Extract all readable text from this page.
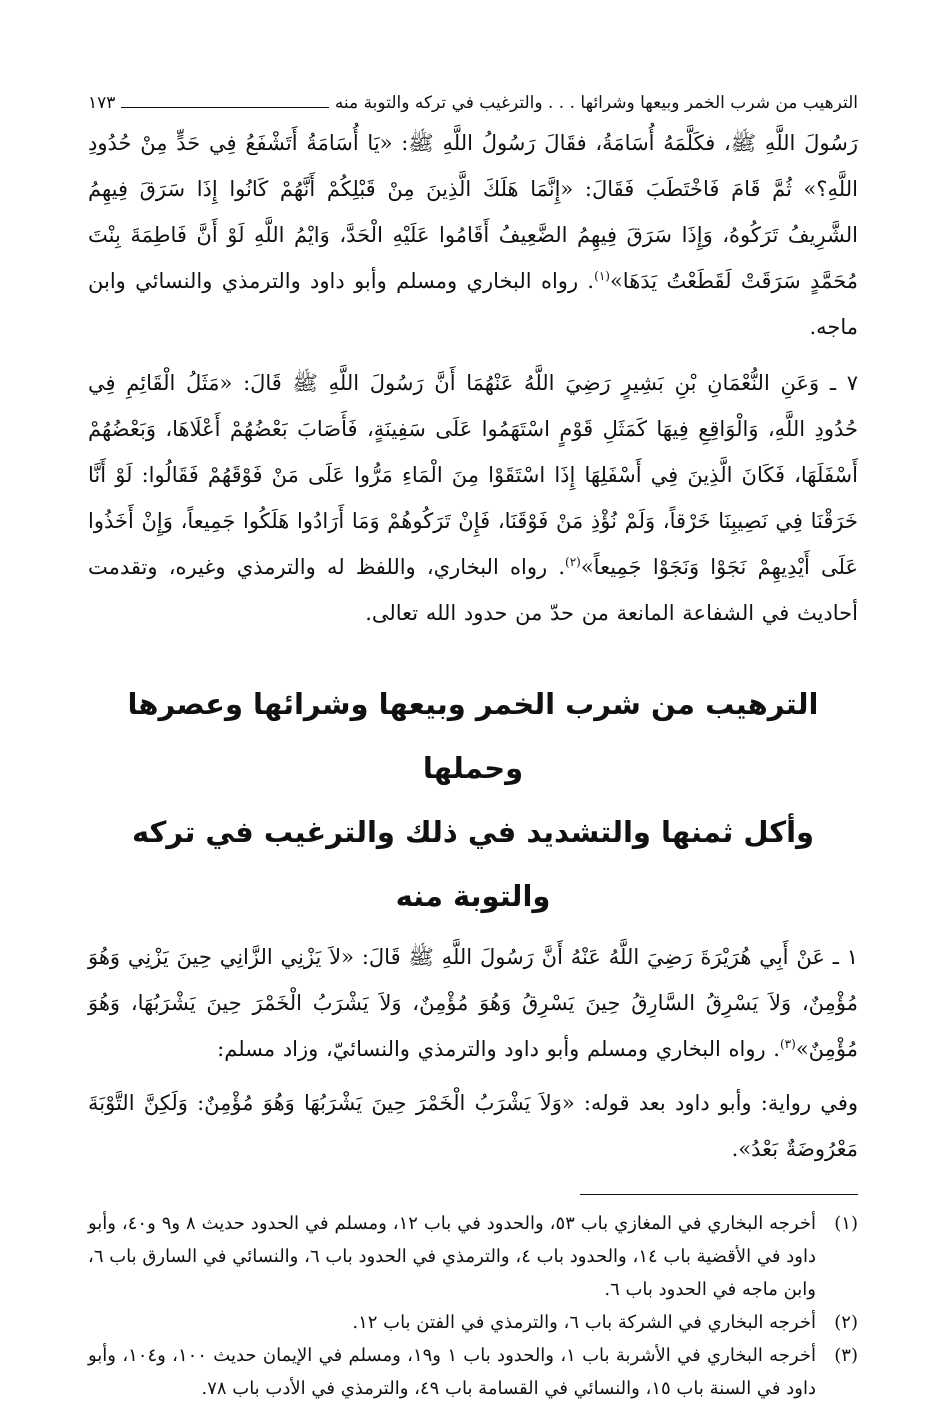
الترهيب من شرب الخمر وبيعها وشرائها . . . والترغيب في تركه والتوبة منه
١٧٣

رَسُولَ اللَّهِ ﷺ، فكَلَّمَهُ أُسَامَةُ، فقَالَ رَسُولُ اللَّهِ ﷺ: «يَا أُسَامَةُ أَتَشْفَعُ فِي حَدٍّ مِنْ حُدُودِ اللَّهِ؟» ثُمَّ قَامَ فَاخْتَطَبَ فَقَالَ: «إِنَّمَا هَلَكَ الَّذِينَ مِنْ قَبْلِكُمْ أَنَّهُمْ كَانُوا إِذَا سَرَقَ فِيهِمُ الشَّرِيفُ تَرَكُوهُ، وَإِذَا سَرَقَ فِيهِمُ الضَّعِيفُ أَقَامُوا عَلَيْهِ الْحَدَّ، وَايْمُ اللَّهِ لَوْ أَنَّ فَاطِمَةَ بِنْتَ مُحَمَّدٍ سَرَقَتْ لَقَطَعْتُ يَدَهَا»$^{(١)}$. رواه البخاري ومسلم وأبو داود والترمذي والنسائي وابن ماجه.

٧ ـ وَعَنِ النُّعْمَانِ بْنِ بَشِيرٍ رَضِيَ اللَّهُ عَنْهُمَا أَنَّ رَسُولَ اللَّهِ ﷺ قَالَ: «مَثَلُ الْقَائِمِ فِي حُدُودِ اللَّهِ، وَالْوَاقِعِ فِيهَا كَمَثَلِ قَوْمٍ اسْتَهَمُوا عَلَى سَفِينَةٍ، فَأَصَابَ بَعْضُهُمْ أَعْلَاهَا، وَبَعْضُهُمْ أَسْفَلَهَا، فَكَانَ الَّذِينَ فِي أَسْفَلِهَا إِذَا اسْتَقَوْا مِنَ الْمَاءِ مَرُّوا عَلَى مَنْ فَوْقَهُمْ فَقَالُوا: لَوْ أَنَّا خَرَقْنَا فِي نَصِيبِنَا خَرْقاً، وَلَمْ نُؤْذِ مَنْ فَوْقَنَا، فَإِنْ تَرَكُوهُمْ وَمَا أَرَادُوا هَلَكُوا جَمِيعاً، وَإِنْ أَخَذُوا عَلَى أَيْدِيهِمْ نَجَوْا وَنَجَوْا جَمِيعاً»$^{(٢)}$. رواه البخاري، واللفظ له والترمذي وغيره، وتقدمت أحاديث في الشفاعة المانعة من حدّ من حدود الله تعالى.

الترهيب من شرب الخمر وبيعها وشرائها وعصرها وحملها
وأكل ثمنها والتشديد في ذلك والترغيب في تركه والتوبة منه

١ ـ عَنْ أَبِي هُرَيْرَةَ رَضِيَ اللَّهُ عَنْهُ أَنَّ رَسُولَ اللَّهِ ﷺ قَالَ: «لاَ يَزْنِي الزَّانِي حِينَ يَزْنِي وَهُوَ مُؤْمِنٌ، وَلاَ يَسْرِقُ السَّارِقُ حِينَ يَسْرِقُ وَهُوَ مُؤْمِنٌ، وَلاَ يَشْرَبُ الْخَمْرَ حِينَ يَشْرَبُهَا، وَهُوَ مُؤْمِنٌ»$^{(٣)}$. رواه البخاري ومسلم وأبو داود والترمذي والنسائيّ، وزاد مسلم:

وفي رواية: وأبو داود بعد قوله: «وَلاَ يَشْرَبُ الْخَمْرَ حِينَ يَشْرَبُهَا وَهُوَ مُؤْمِنٌ: وَلَكِنَّ التَّوْبَةَ مَعْرُوضَةٌ بَعْدُ».

(١)
أخرجه البخاري في المغازي باب ٥٣، والحدود في باب ١٢، ومسلم في الحدود حديث ٨ و٩ و٤٠، وأبو داود في الأقضية باب ١٤، والحدود باب ٤، والترمذي في الحدود باب ٦، والنسائي في السارق باب ٦، وابن ماجه في الحدود باب ٦.

(٢)
أخرجه البخاري في الشركة باب ٦، والترمذي في الفتن باب ١٢.

(٣)
أخرجه البخاري في الأشربة باب ١، والحدود باب ١ و١٩، ومسلم في الإيمان حديث ١٠٠، و١٠٤، وأبو داود في السنة باب ١٥، والنسائي في القسامة باب ٤٩، والترمذي في الأدب باب ٧٨.
